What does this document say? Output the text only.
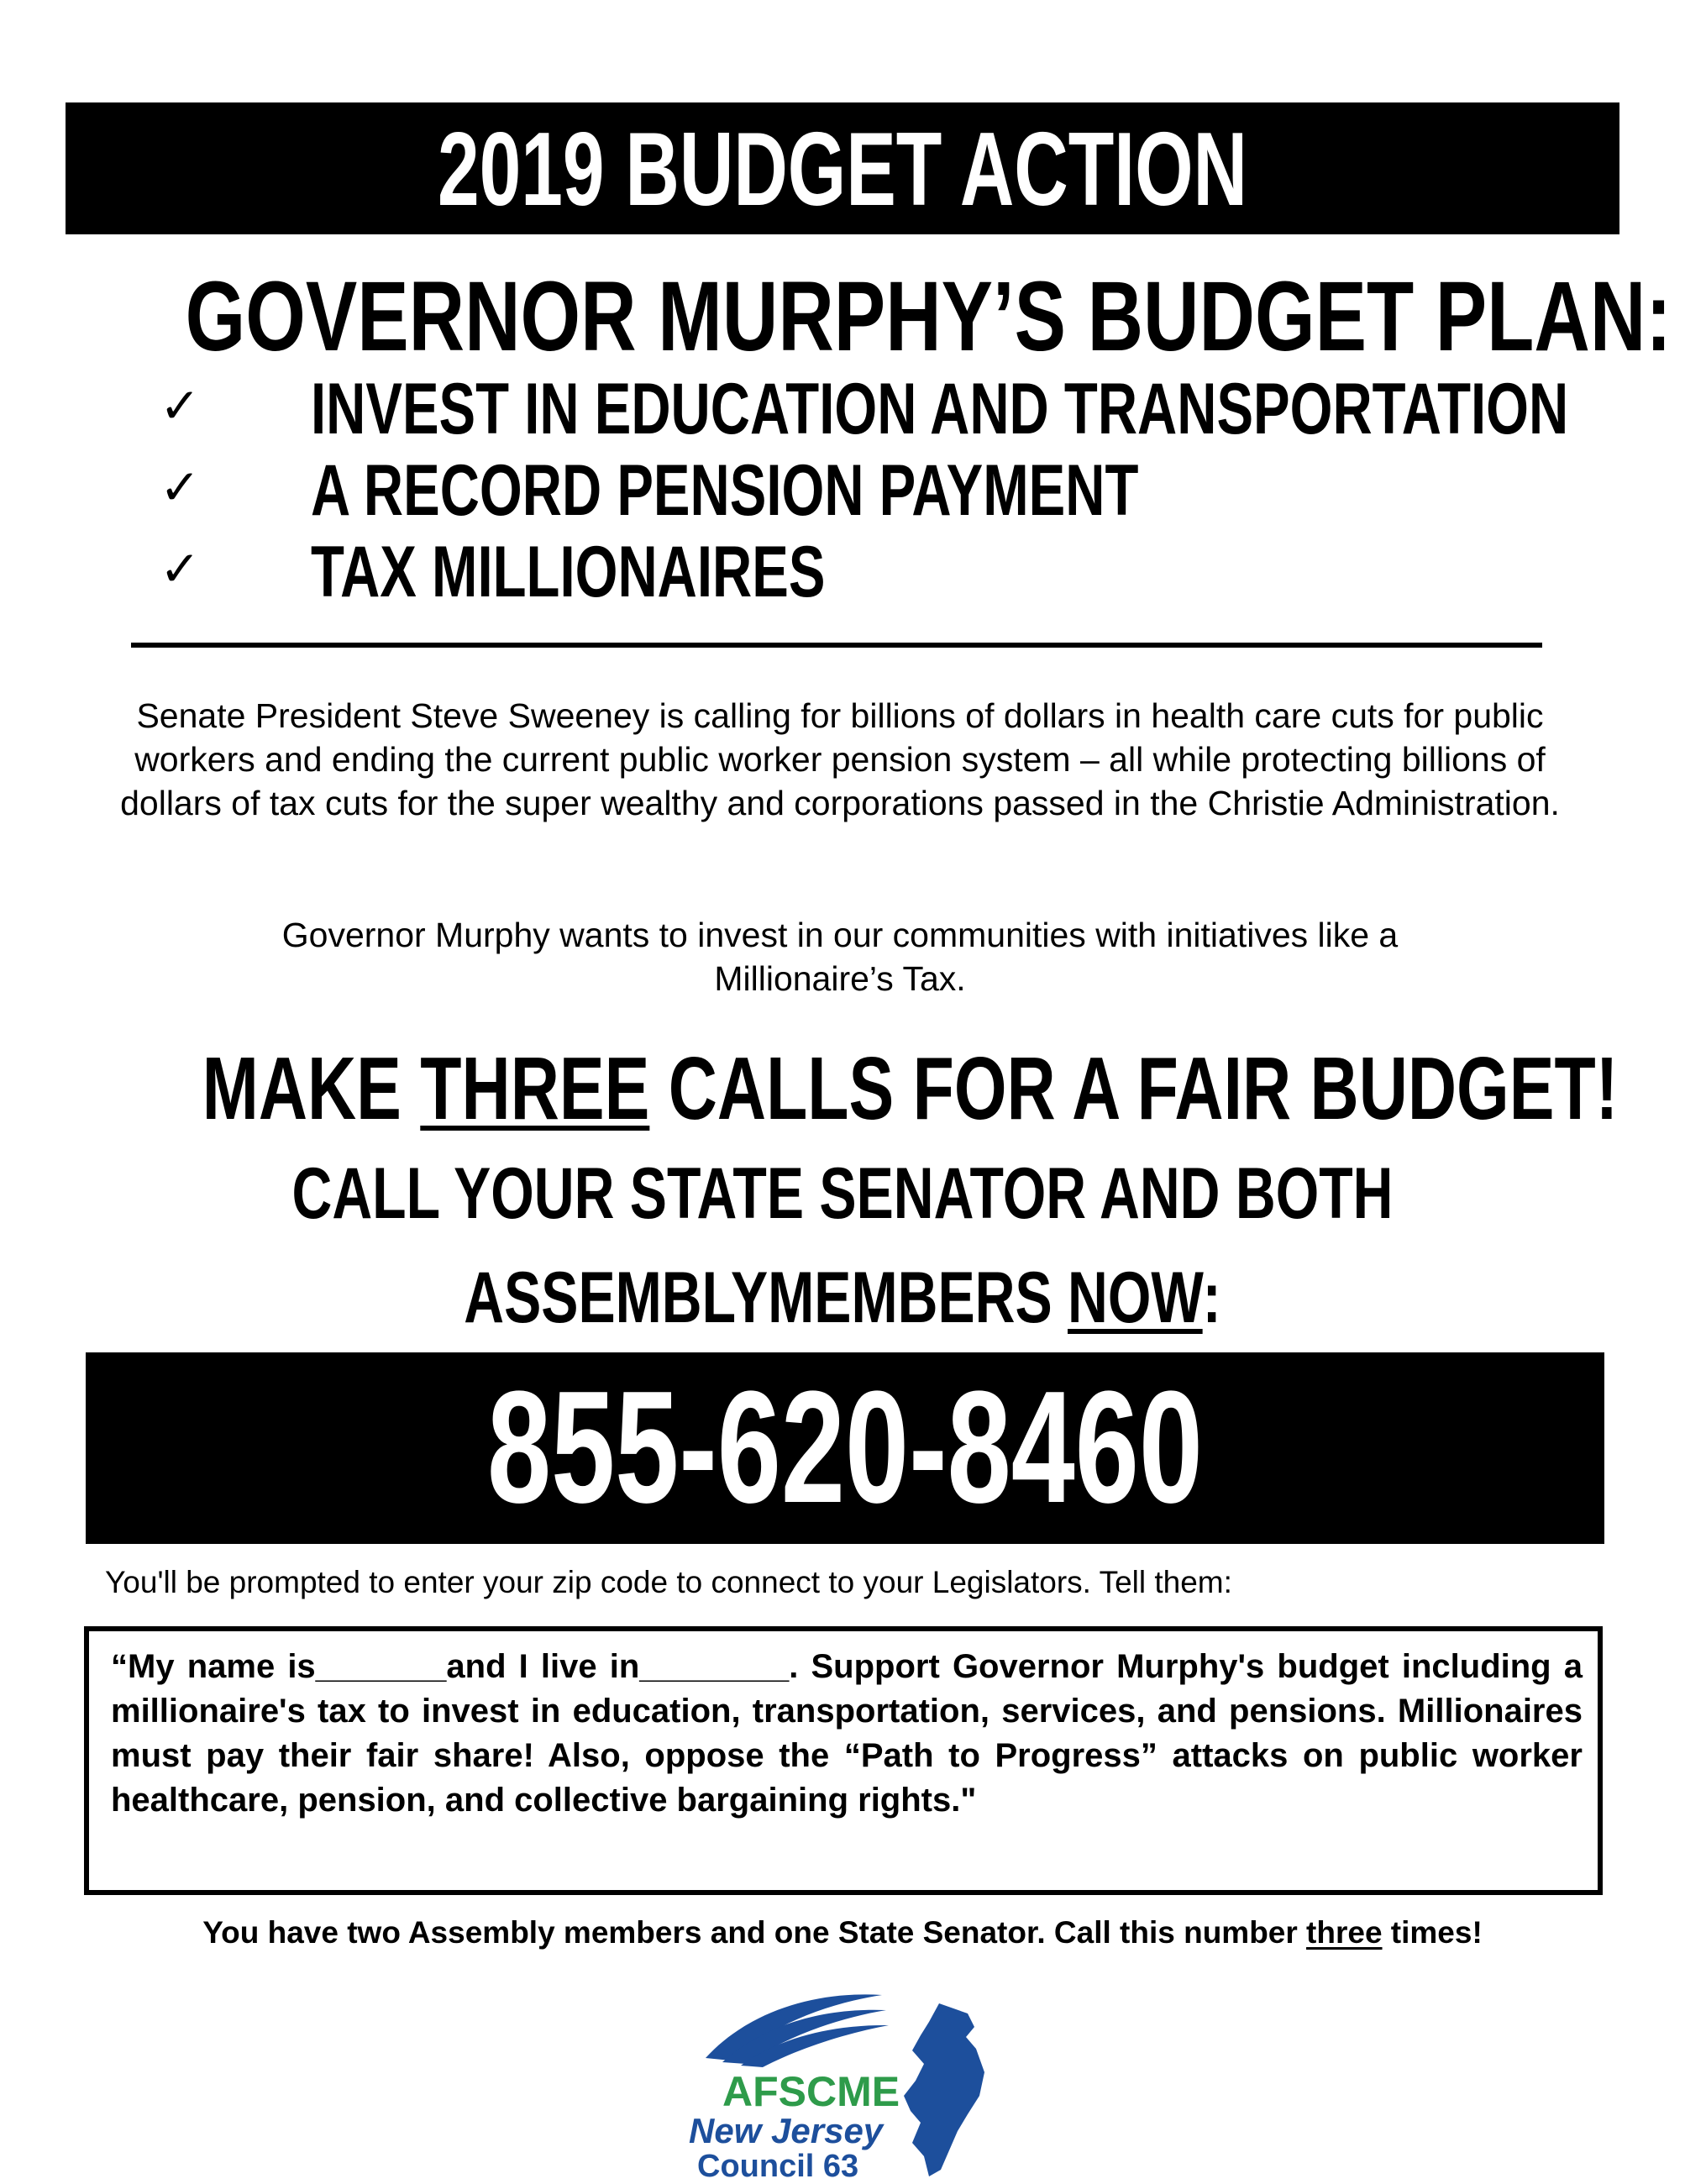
2019 BUDGET ACTION
GOVERNOR MURPHY’S BUDGET PLAN:
✓ INVEST IN EDUCATION AND TRANSPORTATION
✓ A RECORD PENSION PAYMENT
✓ TAX MILLIONAIRES
Senate President Steve Sweeney is calling for billions of dollars in health care cuts for public workers and ending the current public worker pension system – all while protecting billions of dollars of tax cuts for the super wealthy and corporations passed in the Christie Administration.
Governor Murphy wants to invest in our communities with initiatives like a Millionaire’s Tax.
MAKE THREE CALLS FOR A FAIR BUDGET!
CALL YOUR STATE SENATOR AND BOTH
ASSEMBLYMEMBERS NOW:
855-620-8460
You'll be prompted to enter your zip code to connect to your Legislators. Tell them:
“My name is_______and I live in________. Support Governor Murphy's budget including a millionaire's tax to invest in education, transportation, services, and pensions. Millionaires must pay their fair share! Also, oppose the “Path to Progress” attacks on public worker healthcare, pension, and collective bargaining rights."
You have two Assembly members and one State Senator. Call this number three times!
AFSCME
New Jersey
Council 63
